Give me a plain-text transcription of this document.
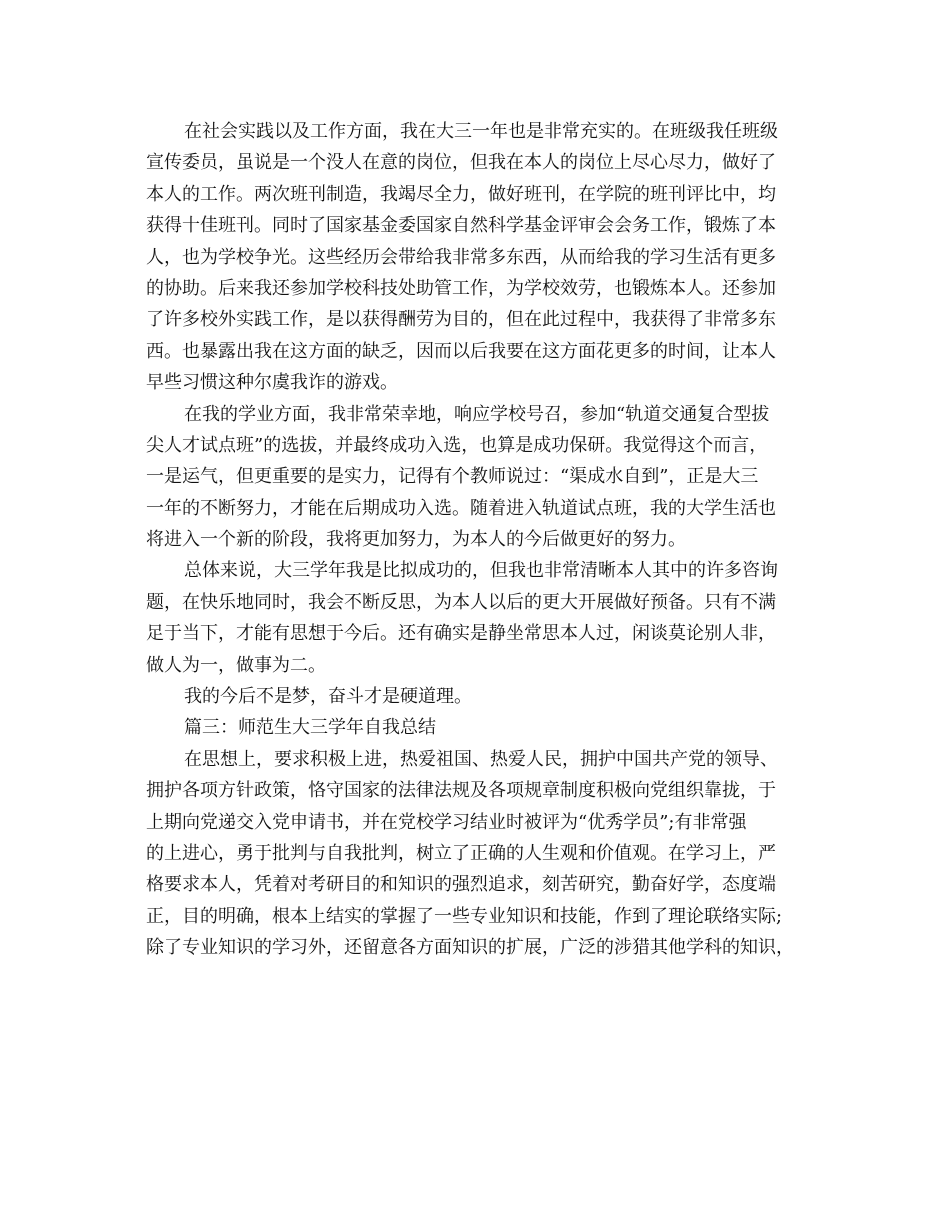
在社会实践以及工作方面，我在大三一年也是非常充实的。在班级我任班级
宣传委员，虽说是一个没人在意的岗位，但我在本人的岗位上尽心尽力，做好了
本人的工作。两次班刊制造，我竭尽全力，做好班刊，在学院的班刊评比中，均
获得十佳班刊。同时了国家基金委国家自然科学基金评审会会务工作，锻炼了本
人，也为学校争光。这些经历会带给我非常多东西，从而给我的学习生活有更多
的协助。后来我还参加学校科技处助管工作，为学校效劳，也锻炼本人。还参加
了许多校外实践工作，是以获得酬劳为目的，但在此过程中，我获得了非常多东
西。也暴露出我在这方面的缺乏，因而以后我要在这方面花更多的时间，让本人
早些习惯这种尔虞我诈的游戏。
在我的学业方面，我非常荣幸地，响应学校号召，参加“轨道交通复合型拔
尖人才试点班”的选拔，并最终成功入选，也算是成功保研。我觉得这个而言，
一是运气，但更重要的是实力，记得有个教师说过：“渠成水自到”，正是大三
一年的不断努力，才能在后期成功入选。随着进入轨道试点班，我的大学生活也
将进入一个新的阶段，我将更加努力，为本人的今后做更好的努力。
总体来说，大三学年我是比拟成功的，但我也非常清晰本人其中的许多咨询
题，在快乐地同时，我会不断反思，为本人以后的更大开展做好预备。只有不满
足于当下，才能有思想于今后。还有确实是静坐常思本人过，闲谈莫论别人非，
做人为一，做事为二。
我的今后不是梦，奋斗才是硬道理。
篇三：师范生大三学年自我总结
在思想上，要求积极上进，热爱祖国、热爱人民，拥护中国共产党的领导、
拥护各项方针政策，恪守国家的法律法规及各项规章制度积极向党组织靠拢，于
上期向党递交入党申请书，并在党校学习结业时被评为“优秀学员”;有非常强
的上进心，勇于批判与自我批判，树立了正确的人生观和价值观。在学习上，严
格要求本人，凭着对考研目的和知识的强烈追求，刻苦研究，勤奋好学，态度端
正，目的明确，根本上结实的掌握了一些专业知识和技能，作到了理论联络实际;
除了专业知识的学习外，还留意各方面知识的扩展，广泛的涉猎其他学科的知识，
